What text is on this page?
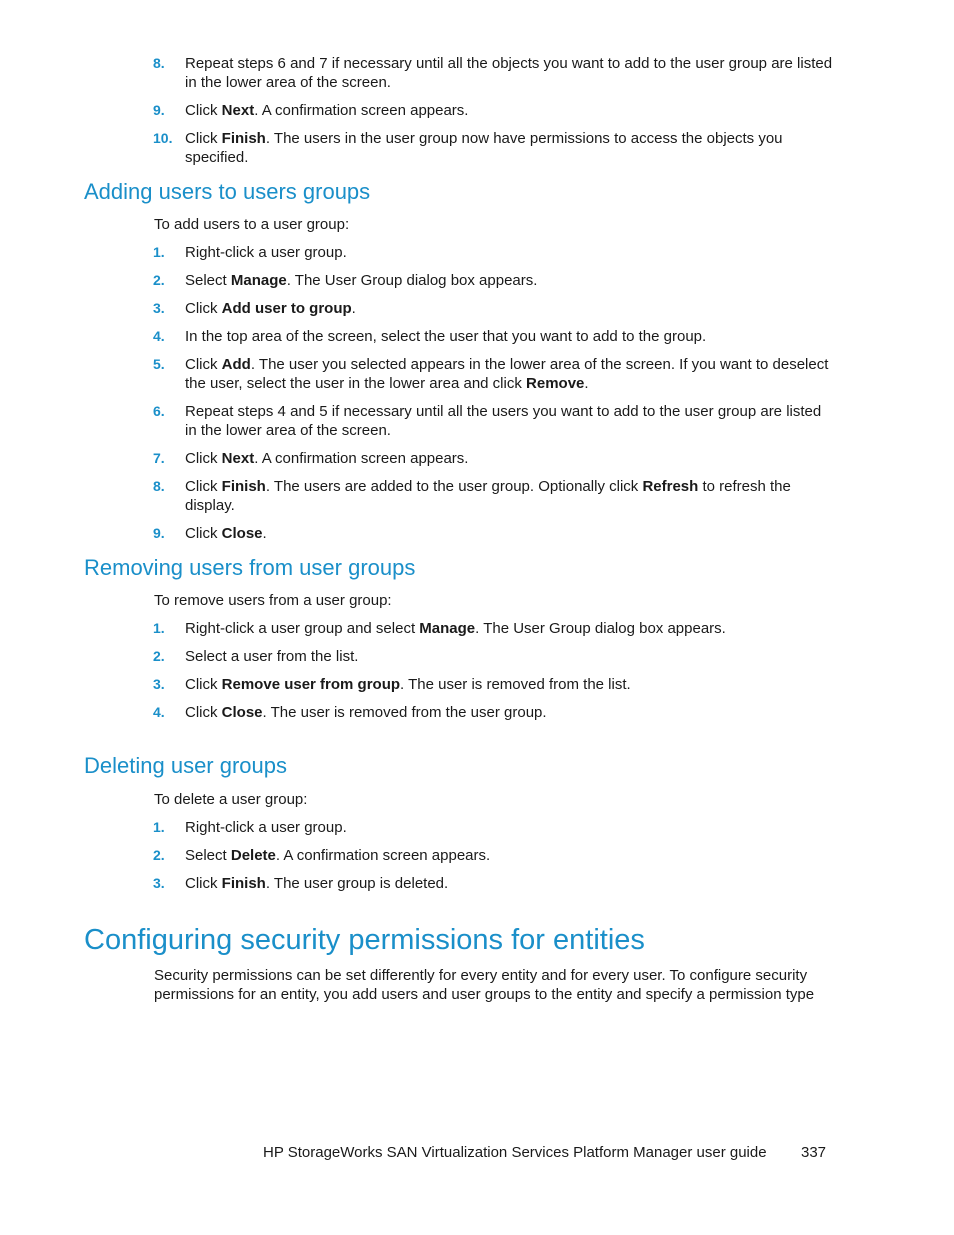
8. Repeat steps 6 and 7 if necessary until all the objects you want to add to the user group are listed in the lower area of the screen.
9. Click Next. A confirmation screen appears.
10. Click Finish. The users in the user group now have permissions to access the objects you specified.
Adding users to users groups
To add users to a user group:
1. Right-click a user group.
2. Select Manage. The User Group dialog box appears.
3. Click Add user to group.
4. In the top area of the screen, select the user that you want to add to the group.
5. Click Add. The user you selected appears in the lower area of the screen. If you want to deselect the user, select the user in the lower area and click Remove.
6. Repeat steps 4 and 5 if necessary until all the users you want to add to the user group are listed in the lower area of the screen.
7. Click Next. A confirmation screen appears.
8. Click Finish. The users are added to the user group. Optionally click Refresh to refresh the display.
9. Click Close.
Removing users from user groups
To remove users from a user group:
1. Right-click a user group and select Manage. The User Group dialog box appears.
2. Select a user from the list.
3. Click Remove user from group. The user is removed from the list.
4. Click Close. The user is removed from the user group.
Deleting user groups
To delete a user group:
1. Right-click a user group.
2. Select Delete. A confirmation screen appears.
3. Click Finish. The user group is deleted.
Configuring security permissions for entities
Security permissions can be set differently for every entity and for every user. To configure security permissions for an entity, you add users and user groups to the entity and specify a permission type
HP StorageWorks SAN Virtualization Services Platform Manager user guide 337
